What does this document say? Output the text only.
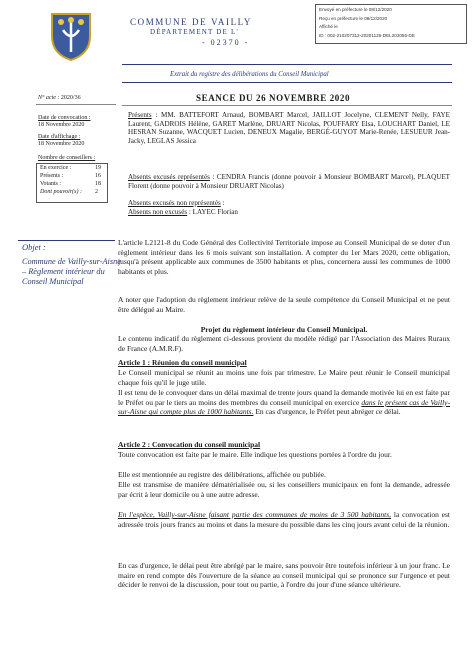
COMMUNE DE VAILLY
DÉPARTEMENT DE L'
- 02370 -
Envoyé en préfecture le 08/12/2020
Reçu en préfecture le 08/12/2020
Affiché le
ID : 002-210207312-20201126-DEL202056-DE
Extrait du registre des délibérations du Conseil Municipal
N° acte : 2020/36
Date de convocation :
18 Novembre 2020
Date d'affichage :
18 Novembre 2020
Nombre de conseillers :
En exercice :	19
Présents :	16
Votants :	18
Dont pouvoir(s) : 2
SEANCE DU 26 NOVEMBRE 2020
Présents : MM. BATTEFORT Arnaud, BOMBART Marcel, JAILLOT Jocelyne, CLEMENT Nelly, FAYE Laurent, GADROIS Hélène, GARET Marlène, DRUART Nicolas, POUFFARY Elsa, LOUCHART Daniel, LE HESRAN Suzanne, WACQUET Lucien, DENEUX Magalie, BERGÉ-GUYOT Marie-Renée, LESUEUR Jean-Jacky, LEGLAS Jessica
Absents excusés représentés : CENDRA Francis (donne pouvoir à Monsieur BOMBART Marcel), PLAQUET Florent (donne pouvoir à Monsieur DRUART Nicolas)
Absents excusés non représentés :
Absents non excusés : LAYEC Florian
Objet :
Commune de Vailly-sur-Aisne – Règlement intérieur du Conseil Municipal
L'article L2121-8 du Code Général des Collectivité Territoriale impose au Conseil Municipal de se doter d'un règlement intérieur dans les 6 mois suivant son installation. A compter du 1er Mars 2020, cette obligation, jusqu'à présent applicable aux communes de 3500 habitants et plus, concernera aussi les communes de 1000 habitants et plus.
A noter que l'adoption du règlement intérieur relève de la seule compétence du Conseil Municipal et ne peut être délégué au Maire.
Projet du règlement intérieur du Conseil Municipal.
Le contenu indicatif du règlement ci-dessous provient du modèle rédigé par l'Association des Maires Ruraux de France (A.M.R.F).
Article 1 : Réunion du conseil municipal
Le Conseil municipal se réunit au moins une fois par trimestre. Le Maire peut réunir le Conseil municipal chaque fois qu'il le juge utile.
Il est tenu de le convoquer dans un délai maximal de trente jours quand la demande motivée lui en est faite par le Préfet ou par le tiers au moins des membres du conseil municipal en exercice dans le présent cas de Vailly-sur-Aisne qui compte plus de 1000 habitants. En cas d'urgence, le Préfet peut abréger ce délai.
Article 2 : Convocation du conseil municipal
Toute convocation est faite par le maire. Elle indique les questions portées à l'ordre du jour.
Elle est mentionnée au registre des délibérations, affichée ou publiée.
Elle est transmise de manière dématérialisée ou, si les conseillers municipaux en font la demande, adressée par écrit à leur domicile ou à une autre adresse.
En l'espèce, Vailly-sur-Aisne faisant partie des communes de moins de 3 500 habitants, la convocation est adressée trois jours francs au moins et dans la mesure du possible dans les cinq jours avant celui de la réunion.
En cas d'urgence, le délai peut être abrégé par le maire, sans pouvoir être toutefois inférieur à un jour franc. Le maire en rend compte dès l'ouverture de la séance au conseil municipal qui se prononce sur l'urgence et peut décider le renvoi de la discussion, pour tout ou partie, à l'ordre du jour d'une séance ultérieure.
